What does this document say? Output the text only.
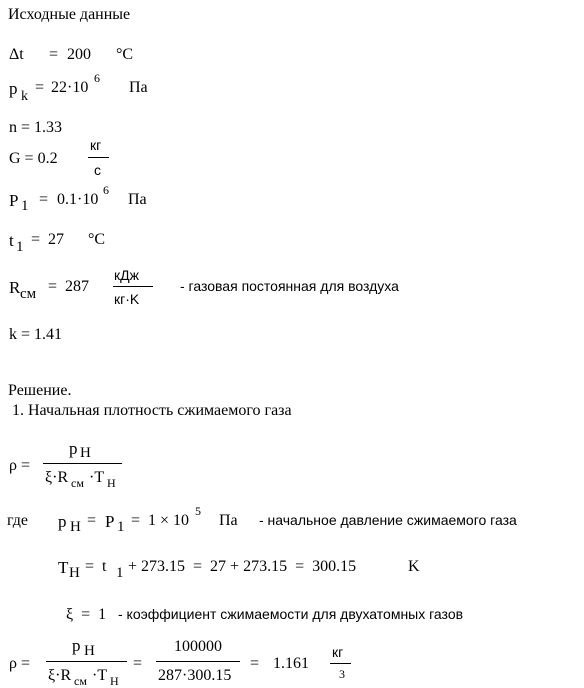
Исходные данные
Δt = 200 °C
p k
= 22·10
6
Па
n = 1.33
G = 0.2
кг
с
P 1 = 0.1·10
6
Па
t 1 = 27 °C
R см = 287
кДж
кг·K
- газовая постоянная для воздуха
k = 1.41
Решение.
1. Начальная плотность сжимаемого газа
ρ =
p H
ξ·R см ·T H
где p H = P 1 = 1 × 10
5
Па - начальное давление сжимаемого газа
T H =  t 1 + 273.15  =  27 + 273.15  =  300.15	K
ξ  =  1 - коэффициент сжимаемости для двухатомных газов
ρ =
p H
ξ·R см ·T H
=
100000
287·300.15
= 1.161
кг
3
